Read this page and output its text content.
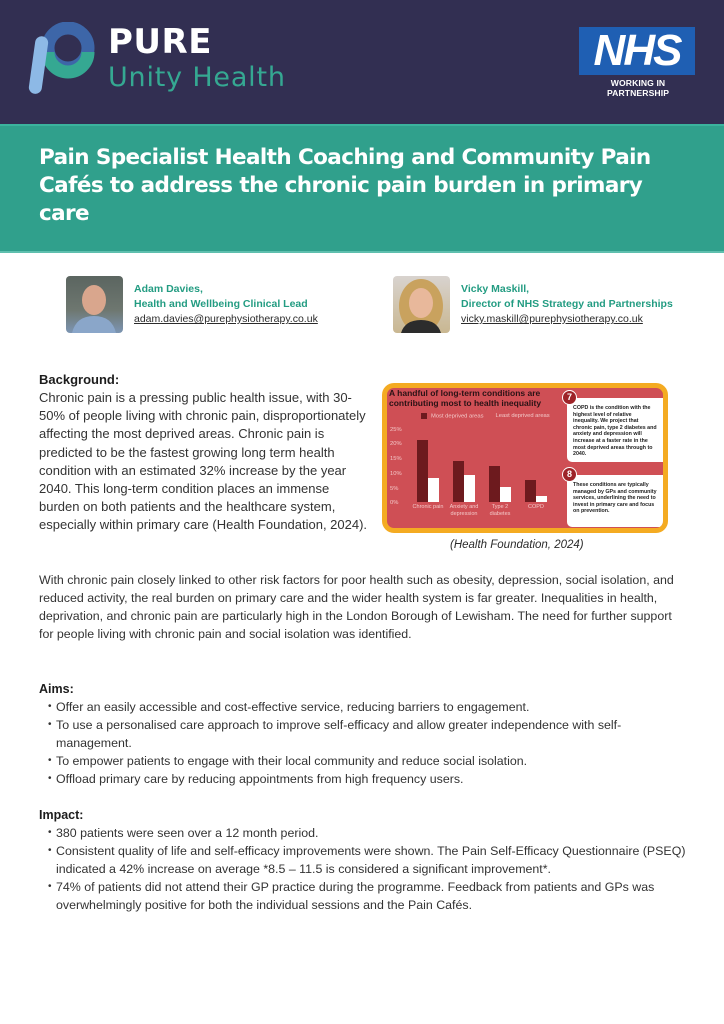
PURE
Unity Health
NHS
WORKING IN PARTNERSHIP
Pain Specialist Health Coaching and Community Pain Cafés to address the chronic pain burden in primary care
Adam Davies,
Health and Wellbeing Clinical Lead
adam.davies@purephysiotherapy.co.uk
Vicky Maskill,
Director of NHS Strategy and Partnerships
vicky.maskill@purephysiotherapy.co.uk
Background:
Chronic pain is a pressing public health issue, with 30-50% of people living with chronic pain, disproportionately affecting the most deprived areas. Chronic pain is predicted to be the fastest growing long term health condition with an estimated 32% increase by the year 2040. This long-term condition places an immense burden on both patients and the healthcare system, especially within primary care (Health Foundation, 2024).
A handful of long-term conditions are contributing most to health inequality
Most deprived areas Least deprived areas
0%
5%
10%
15%
20%
25%
Chronic pain	Anxiety and depression
Type 2 diabetes
COPD
COPD is the condition with the highest level of relative inequality. We project that chronic pain, type 2 diabetes and anxiety and depression will increase at a faster rate in the most deprived areas through to 2040.
7
These conditions are typically managed by GPs and community services, underlining the need to invest in primary care and focus on prevention.
8
(Health Foundation, 2024)
With chronic pain closely linked to other risk factors for poor health such as obesity, depression, social isolation, and reduced activity, the real burden on primary care and the wider health system is far greater. Inequalities in health, deprivation, and chronic pain are particularly high in the London Borough of Lewisham. The need for further support for people living with chronic pain and social isolation was identified.
Aims:
• Offer an easily accessible and cost-effective service, reducing barriers to engagement.
• To use a personalised care approach to improve self-efficacy and allow greater independence with self-management.
• To empower patients to engage with their local community and reduce social isolation.
• Offload primary care by reducing appointments from high frequency users.
Impact:
• 380 patients were seen over a 12 month period.
• Consistent quality of life and self-efficacy improvements were shown. The Pain Self-Efficacy Questionnaire (PSEQ) indicated a 42% increase on average *8.5 – 11.5 is considered a significant improvement*.
• 74% of patients did not attend their GP practice during the programme. Feedback from patients and GPs was overwhelmingly positive for both the individual sessions and the Pain Cafés.
